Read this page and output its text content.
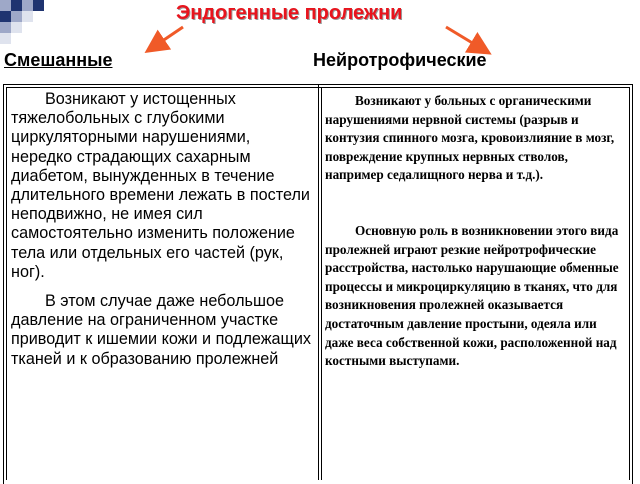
Эндогенные пролежни
Смешанные	Нейротрофические

Возникают у истощенных тяжелобольных с глубокими циркуляторными нарушениями, нередко страдающих сахарным диабетом, вынужденных в течение длительного времени лежать в постели неподвижно, не имея сил самостоятельно изменить положение тела или отдельных его частей (рук, ног).

В этом случае даже небольшое давление на ограниченном участке приводит к ишемии кожи и подлежащих тканей и к образованию пролежней

Возникают у больных с органическими нарушениями нервной системы (разрыв и контузия спинного мозга, кровоизлияние в мозг, повреждение крупных нервных стволов, например седалищного нерва и т.д.).

Основную роль в возникновении этого вида пролежней играют резкие нейротрофические расстройства, настолько нарушающие обменные процессы и микроциркуляцию в тканях, что для возникновения пролежней оказывается достаточным давление простыни, одеяла или даже веса собственной кожи, расположенной над костными выступами.
